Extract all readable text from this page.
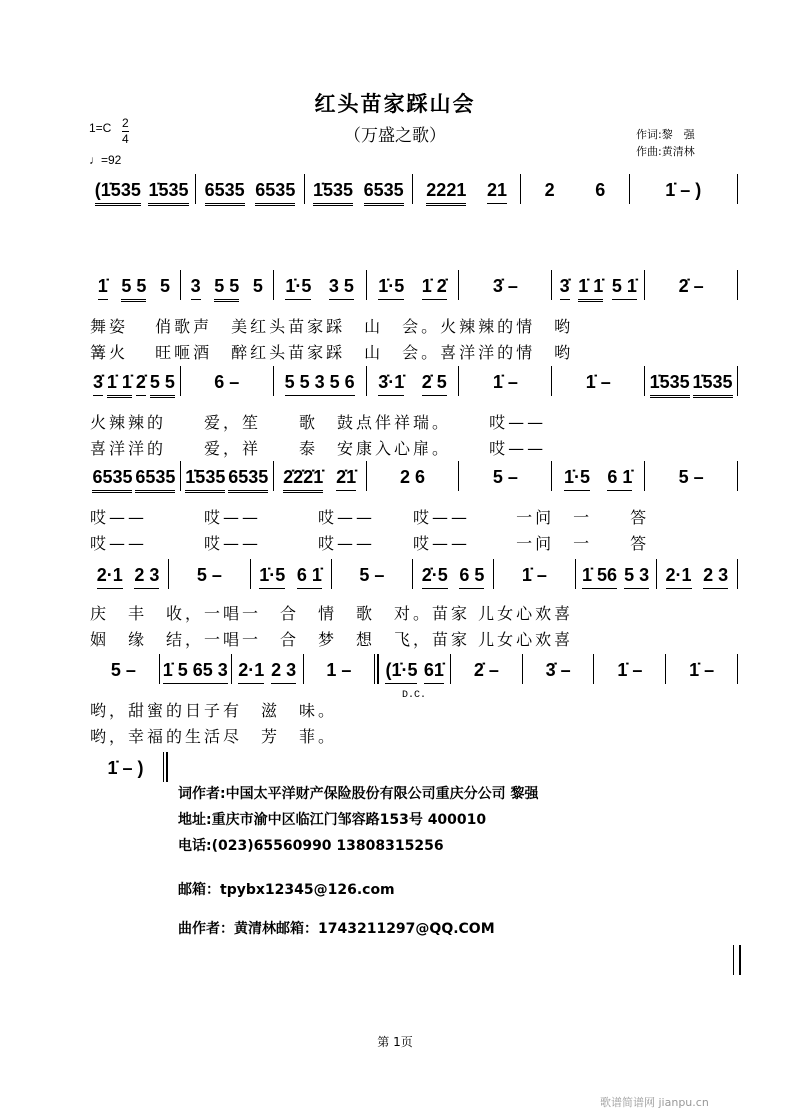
红头苗家踩山会
（万盛之歌）
1=C 2
4
♩=92
作词:黎　强
作曲:黄清林
(1̇535 1̇535 6535 6535 1̇535 6535 2221 21 2 6	1̇ – )
1̇ 5 5 5 3 5 5 5 1̇·5 3 5 1̇·5 1̇ 2̇	3̇ – 3̇ 1̇ 1̇ 5 1̇ 2̇ –
3̇ 1̇ 1̇ 2̇ 5 5 6 –	5 5 3 5 6 3̇·1̇ 2̇ 5	1̇ –	1̇ – 1̇535 1̇535
6535 6535 1̇535 6535 2̇2̇2̇1̇ 2̇1̇ 2 6	5 –	1̇·5 6 1̇	5 –
2·1 2 3 5 – 1̇·5 6 1̇ 5 – 2̇·5 6 5 1̇ – 1̇ 56 5 3 2·1 2 3
5 – 1̇ 5 6 5 3 2·1 2 3 1 – (1̇·5 61̇ 2̇ –	3̇ –	1̇ –	1̇ –
1̇ – )
舞姿　 俏歌声　美红头苗家踩　山　会。火辣辣的情　哟
篝火　 旺咂酒　醉红头苗家踩　山　会。喜洋洋的情　哟
火辣辣的　　爱，笙　　歌　鼓点伴祥瑞。　　 哎——
喜洋洋的　　爱，祥　　泰　安康入心扉。　　 哎——
哎——　　　哎——　　　哎——　　哎——　　 一问　一　　答
哎——　　　哎——　　　哎——　　哎——　　 一问　一　　答
庆　丰　收，一唱一　合　情　歌　对。苗家 儿女心欢喜
姻　缘　结，一唱一　合　梦　想　飞，苗家 儿女心欢喜
哟，甜蜜的日子有　滋　味。
哟，幸福的生活尽　芳　菲。
D.C.
词作者:中国太平洋财产保险股份有限公司重庆分公司 黎强
地址:重庆市渝中区临江门邹容路153号 400010
电话:(023)65560990 13808315256
邮箱：tpybx12345@126.com
曲作者：黄清林邮箱：1743211297@QQ.COM
第 1页
歌谱简谱网 jianpu.cn
